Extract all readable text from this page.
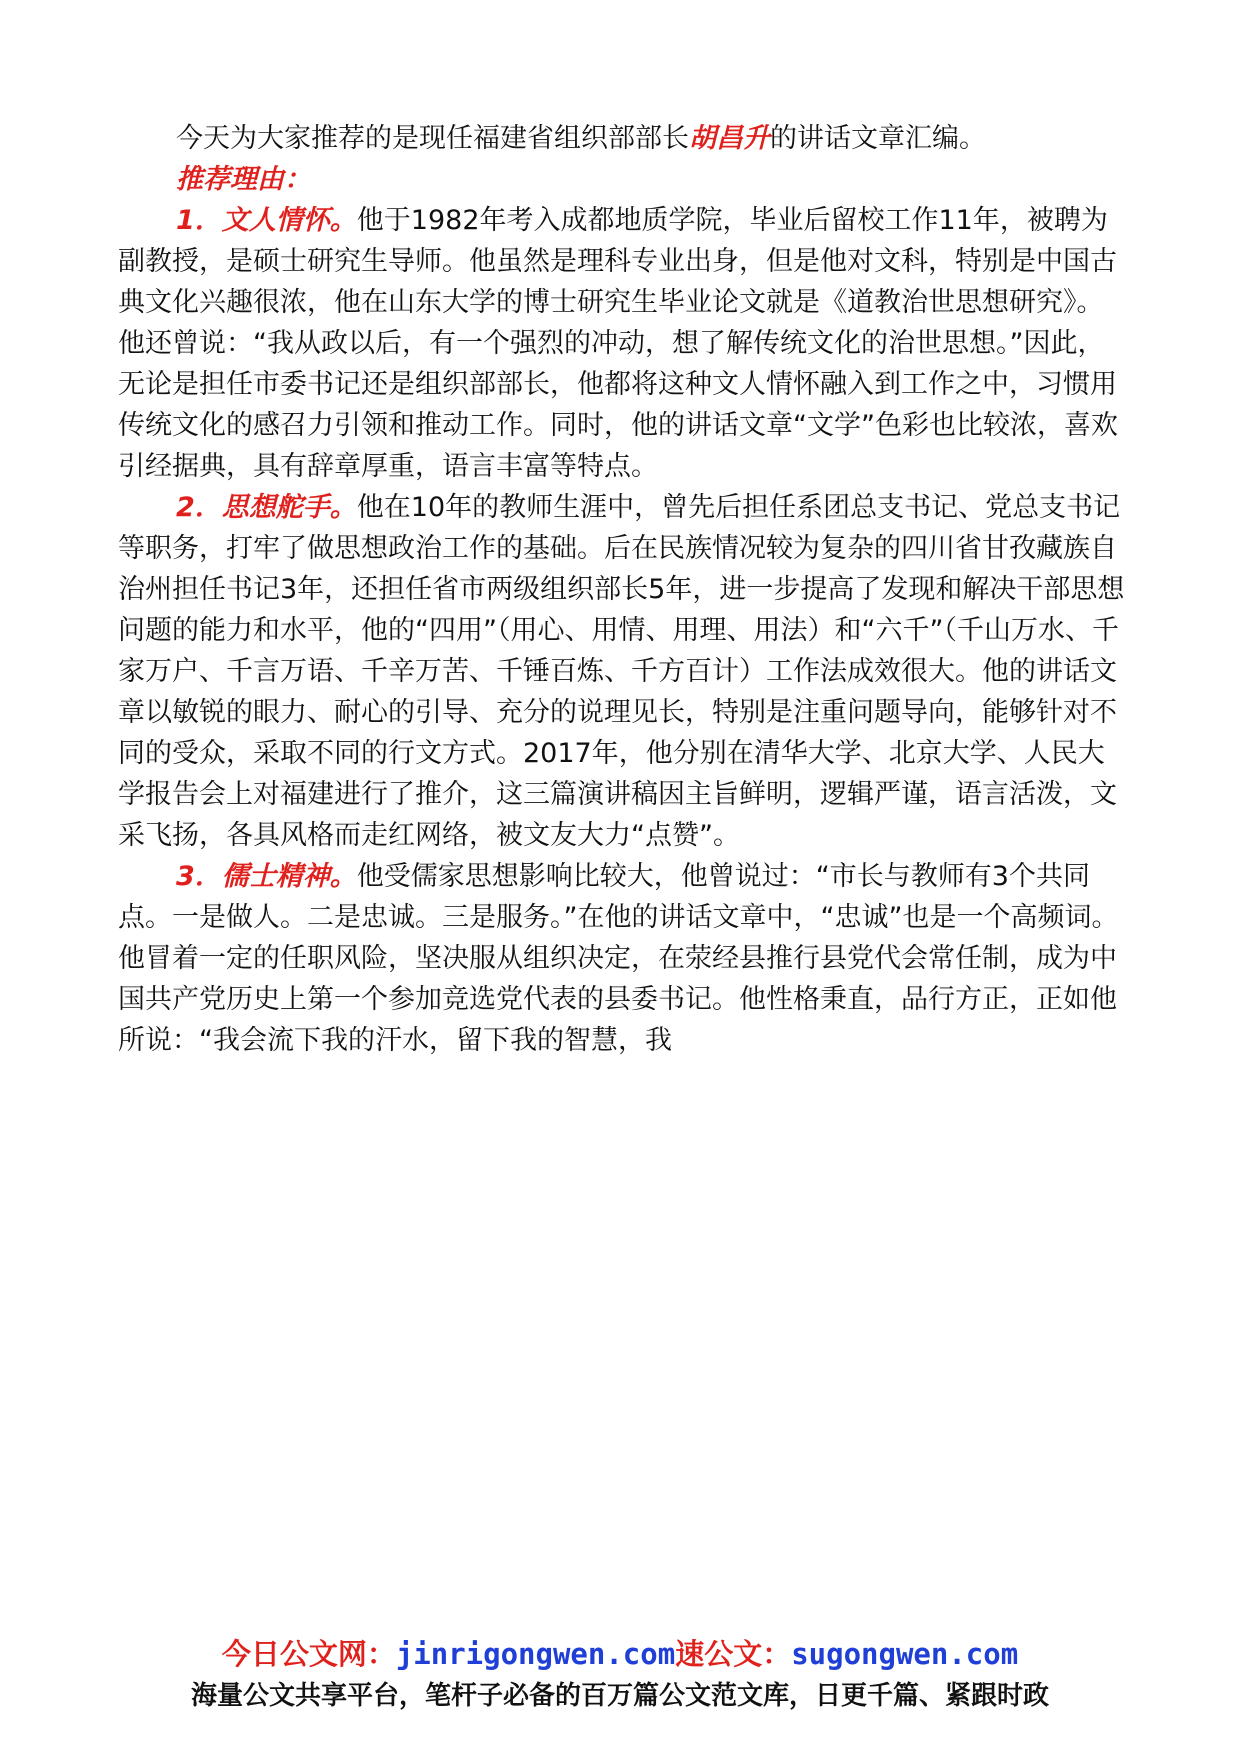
今天为大家推荐的是现任福建省组织部部长胡昌升的讲话文章汇编。

推荐理由：

1．文人情怀。他于1982年考入成都地质学院，毕业后留校工作11年，被聘为副教授，是硕士研究生导师。他虽然是理科专业出身，但是他对文科，特别是中国古典文化兴趣很浓，他在山东大学的博士研究生毕业论文就是《道教治世思想研究》。他还曾说：“我从政以后，有一个强烈的冲动，想了解传统文化的治世思想。”因此，无论是担任市委书记还是组织部部长，他都将这种文人情怀融入到工作之中，习惯用传统文化的感召力引领和推动工作。同时，他的讲话文章“文学”色彩也比较浓，喜欢引经据典，具有辞章厚重，语言丰富等特点。

2．思想舵手。他在10年的教师生涯中，曾先后担任系团总支书记、党总支书记等职务，打牢了做思想政治工作的基础。后在民族情况较为复杂的四川省甘孜藏族自治州担任书记3年，还担任省市两级组织部长5年，进一步提高了发现和解决干部思想问题的能力和水平，他的“四用”（用心、用情、用理、用法）和“六千”（千山万水、千家万户、千言万语、千辛万苦、千锤百炼、千方百计）工作法成效很大。他的讲话文章以敏锐的眼力、耐心的引导、充分的说理见长，特别是注重问题导向，能够针对不同的受众，采取不同的行文方式。2017年，他分别在清华大学、北京大学、人民大学报告会上对福建进行了推介，这三篇演讲稿因主旨鲜明，逻辑严谨，语言活泼，文采飞扬，各具风格而走红网络，被文友大力“点赞”。

3．儒士精神。他受儒家思想影响比较大，他曾说过：“市长与教师有3个共同点。一是做人。二是忠诚。三是服务。”在他的讲话文章中，“忠诚”也是一个高频词。他冒着一定的任职风险，坚决服从组织决定，在荥经县推行县党代会常任制，成为中国共产党历史上第一个参加竞选党代表的县委书记。他性格秉直，品行方正，正如他所说：“我会流下我的汗水，留下我的智慧，我

今日公文网：jinrigongwen.com速公文：sugongwen.com
海量公文共享平台，笔杆子必备的百万篇公文范文库，日更千篇、紧跟时政
